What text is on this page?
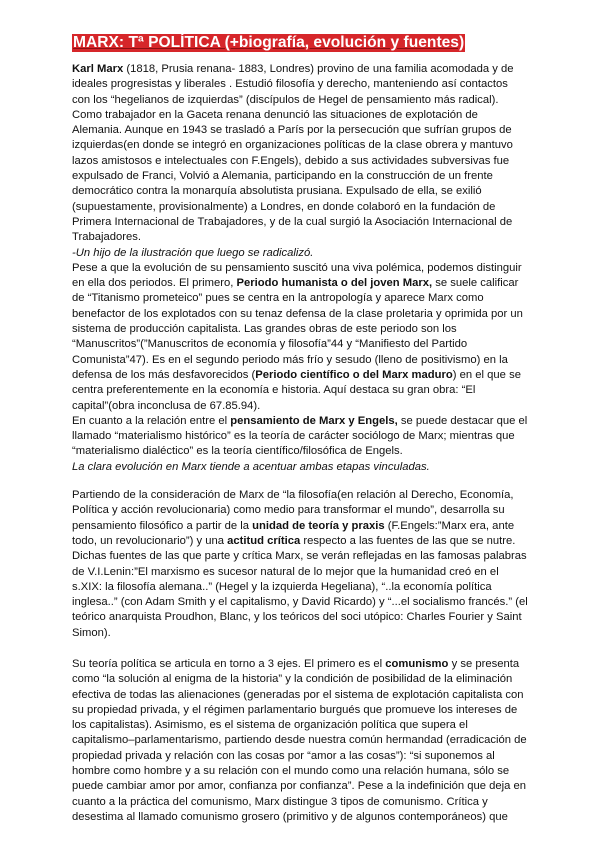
MARX: Tª POLÍTICA (+biografía, evolución y fuentes)

Karl Marx (1818, Prusia renana- 1883, Londres) provino de una familia acomodada y de ideales progresistas y liberales . Estudió filosofía y derecho, manteniendo así contactos con los “hegelianos de izquierdas” (discípulos de Hegel de pensamiento más radical). Como trabajador en la Gaceta renana denunció las situaciones de explotación de Alemania. Aunque en 1943 se trasladó a París por la persecución que sufrían grupos de izquierdas(en donde se integró en organizaciones políticas de la clase obrera y mantuvo lazos amistosos e intelectuales con F.Engels), debido a sus actividades subversivas fue expulsado de Franci, Volvió a Alemania, participando en la construcción de un frente democrático contra la monarquía absolutista prusiana. Expulsado de ella, se exilió (supuestamente, provisionalmente) a Londres, en donde colaboró en la fundación de Primera Internacional de Trabajadores, y de la cual surgió la Asociación Internacional de Trabajadores.

-Un hijo de la ilustración que luego se radicalizó.

Pese a que la evolución de su pensamiento suscitó una viva polémica, podemos distinguir en ella dos periodos. El primero, Periodo humanista o del joven Marx, se suele calificar de “Titanismo prometeico” pues se centra en la antropología y aparece Marx como benefactor de los explotados con su tenaz defensa de la clase proletaria y oprimida por un sistema de producción capitalista. Las grandes obras de este periodo son los “Manuscritos”(”Manuscritos de economía y filosofía”44 y “Manifiesto del Partido Comunista”47). Es en el segundo periodo más frío y sesudo (lleno de positivismo) en la defensa de los más desfavorecidos (Periodo científico o del Marx maduro) en el que se centra preferentemente en la economía e historia. Aquí destaca su gran obra: “El capital”(obra inconclusa de 67.85.94).

En cuanto a la relación entre el pensamiento de Marx y Engels, se puede destacar que el llamado “materialismo histórico” es la teoría de carácter sociólogo de Marx; mientras que “materialismo dialéctico” es la teoría científico/filosófica de Engels.

La clara evolución en Marx tiende a acentuar ambas etapas vinculadas.

Partiendo de la consideración de Marx de “la filosofía(en relación al Derecho, Economía, Política y acción revolucionaria) como medio para transformar el mundo”, desarrolla su pensamiento filosófico a partir de la unidad de teoría y praxis (F.Engels:”Marx era, ante todo, un revolucionario”) y una actitud crítica respecto a las fuentes de las que se nutre. Dichas fuentes de las que parte y crítica Marx, se verán reflejadas en las famosas palabras de V.I.Lenin:”El marxismo es sucesor natural de lo mejor que la humanidad creó en el s.XIX: la filosofía alemana..” (Hegel y la izquierda Hegeliana), “..la economía política inglesa..” (con Adam Smith y el capitalismo, y David Ricardo) y “...el socialismo francés.” (el teórico anarquista Proudhon, Blanc, y los teóricos del soci utópico: Charles Fourier y Saint Simon).

Su teoría política se articula en torno a 3 ejes. El primero es el comunismo y se presenta como “la solución al enigma de la historia” y la condición de posibilidad de la eliminación efectiva de todas las alienaciones (generadas por el sistema de explotación capitalista con su propiedad privada, y el régimen parlamentario burgués que promueve los intereses de los capitalistas). Asimismo, es el sistema de organización política que supera el capitalismo–parlamentarismo, partiendo desde nuestra común hermandad (erradicación de propiedad privada y relación con las cosas por “amor a las cosas”): “si suponemos al hombre como hombre y a su relación con el mundo como una relación humana, sólo se puede cambiar amor por amor, confianza por confianza”. Pese a la indefinición que deja en cuanto a la práctica del comunismo, Marx distingue 3 tipos de comunismo. Crítica y desestima al llamado comunismo grosero (primitivo y de algunos contemporáneos) que
